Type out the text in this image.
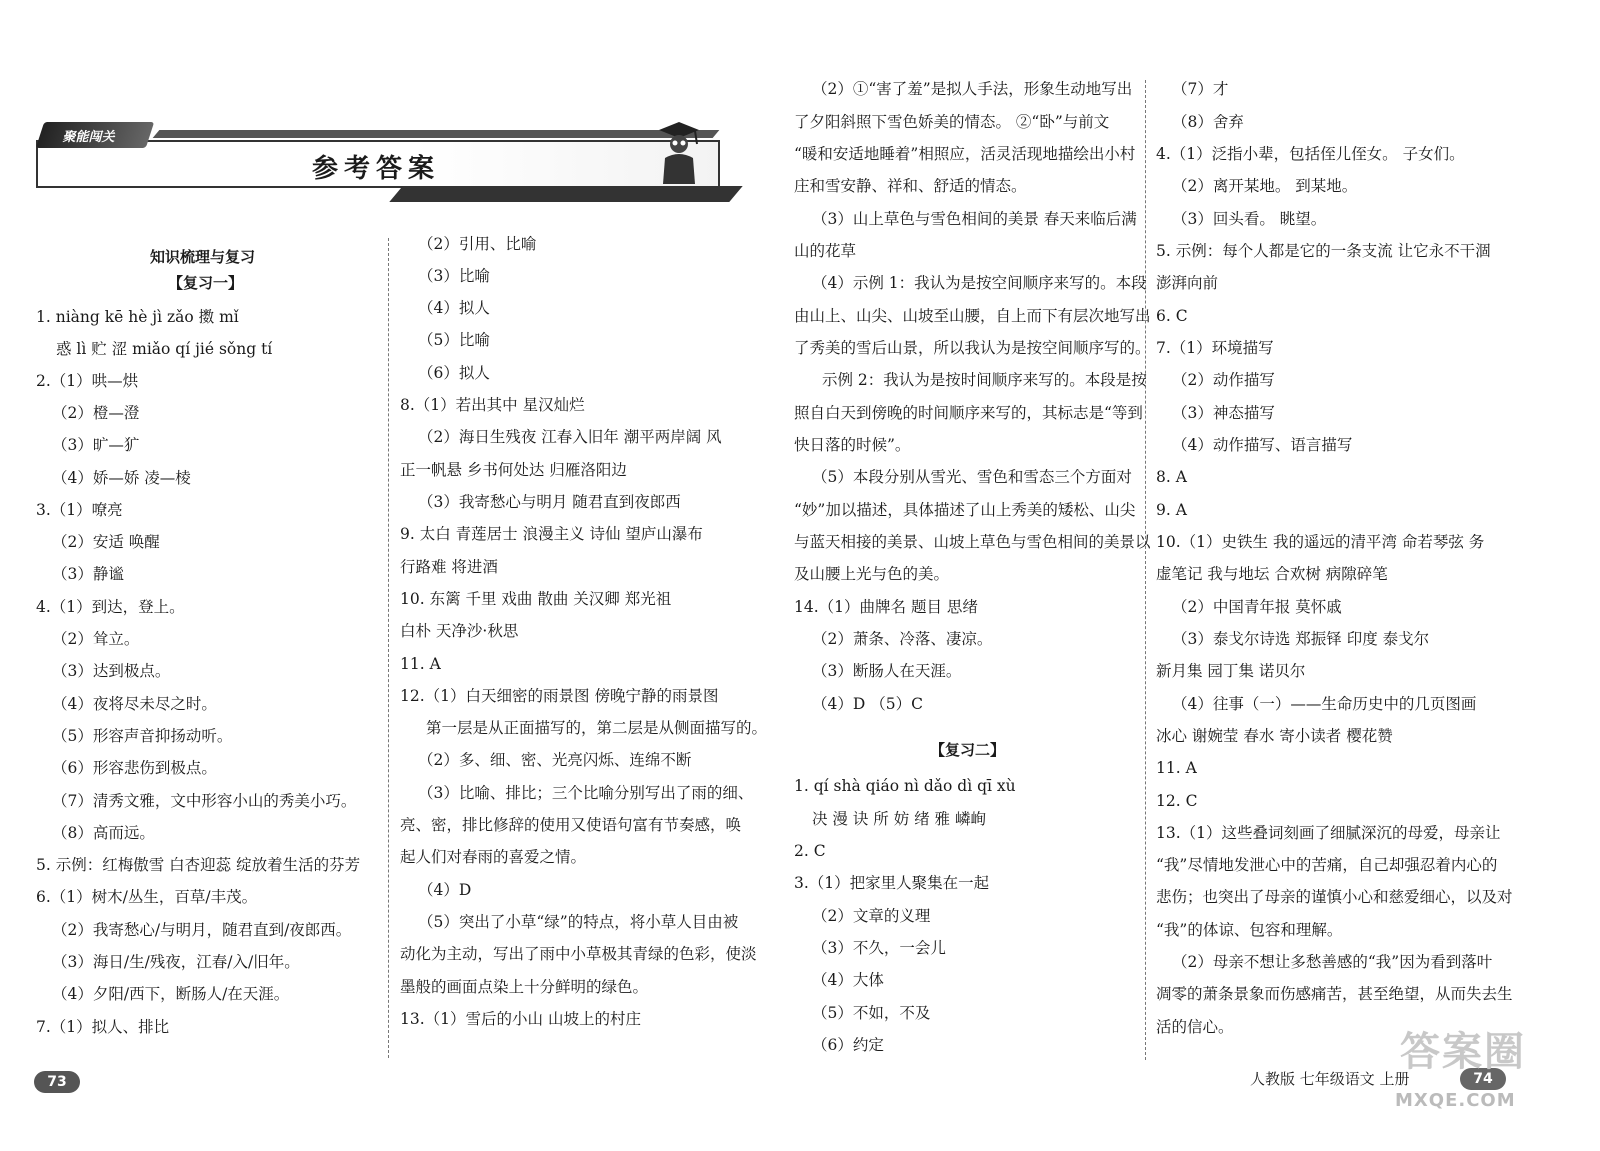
聚能闯关
参考答案
知识梳理与复习
【复习一】
1. niàng kē hè jì zǎo 擞 mǐ
惑 lì 贮 涩 miǎo qí jié sǒng tí
2.（1）哄—烘
（2）橙—澄
（3）旷—犷
（4）娇—娇 凌—棱
3.（1）嘹亮
（2）安适 唤醒
（3）静谧
4.（1）到达，登上。
（2）耸立。
（3）达到极点。
（4）夜将尽未尽之时。
（5）形容声音抑扬动听。
（6）形容悲伤到极点。
（7）清秀文雅，文中形容小山的秀美小巧。
（8）高而远。
5. 示例：红梅傲雪 白杏迎蕊 绽放着生活的芬芳
6.（1）树木/丛生，百草/丰茂。
（2）我寄愁心/与明月，随君直到/夜郎西。
（3）海日/生/残夜，江春/入/旧年。
（4）夕阳/西下，断肠人/在天涯。
7.（1）拟人、排比
（2）引用、比喻
（3）比喻
（4）拟人
（5）比喻
（6）拟人
8.（1）若出其中 星汉灿烂
（2）海日生残夜 江春入旧年 潮平两岸阔 风
正一帆悬 乡书何处达 归雁洛阳边
（3）我寄愁心与明月 随君直到夜郎西
9. 太白 青莲居士 浪漫主义 诗仙 望庐山瀑布
行路难 将进酒
10. 东篱 千里 戏曲 散曲 关汉卿 郑光祖
白朴 天净沙·秋思
11. A
12.（1）白天细密的雨景图 傍晚宁静的雨景图
第一层是从正面描写的，第二层是从侧面描写的。
（2）多、细、密、光亮闪烁、连绵不断
（3）比喻、排比；三个比喻分别写出了雨的细、
亮、密，排比修辞的使用又使语句富有节奏感，唤
起人们对春雨的喜爱之情。
（4）D
（5）突出了小草“绿”的特点，将小草人目由被
动化为主动，写出了雨中小草极其青绿的色彩，使淡
墨般的画面点染上十分鲜明的绿色。
13.（1）雪后的小山 山坡上的村庄
（2）①“害了羞”是拟人手法，形象生动地写出
了夕阳斜照下雪色娇美的情态。 ②“卧”与前文
“暖和安适地睡着”相照应，活灵活现地描绘出小村
庄和雪安静、祥和、舒适的情态。
（3）山上草色与雪色相间的美景 春天来临后满
山的花草
（4）示例 1：我认为是按空间顺序来写的。本段
由山上、山尖、山坡至山腰，自上而下有层次地写出
了秀美的雪后山景，所以我认为是按空间顺序写的。
示例 2：我认为是按时间顺序来写的。本段是按
照自白天到傍晚的时间顺序来写的，其标志是“等到
快日落的时候”。
（5）本段分别从雪光、雪色和雪态三个方面对
“妙”加以描述，具体描述了山上秀美的矮松、山尖
与蓝天相接的美景、山坡上草色与雪色相间的美景以
及山腰上光与色的美。
14.（1）曲牌名 题目 思绪
（2）萧条、冷落、凄凉。
（3）断肠人在天涯。
（4）D （5）C
【复习二】
1. qí shà qiáo nì dǎo dì qī xù
决 漫 诀 所 妨 绪 雅 嶙峋
2. C
3.（1）把家里人聚集在一起
（2）文章的义理
（3）不久，一会儿
（4）大体
（5）不如，不及
（6）约定
（7）才
（8）舍弃
4.（1）泛指小辈，包括侄儿侄女。 子女们。
（2）离开某地。 到某地。
（3）回头看。 眺望。
5. 示例：每个人都是它的一条支流 让它永不干涸
澎湃向前
6. C
7.（1）环境描写
（2）动作描写
（3）神态描写
（4）动作描写、语言描写
8. A
9. A
10.（1）史铁生 我的遥远的清平湾 命若琴弦 务
虚笔记 我与地坛 合欢树 病隙碎笔
（2）中国青年报 莫怀戚
（3）泰戈尔诗选 郑振铎 印度 泰戈尔
新月集 园丁集 诺贝尔
（4）往事（一）——生命历史中的几页图画
冰心 谢婉莹 春水 寄小读者 樱花赞
11. A
12. C
13.（1）这些叠词刻画了细腻深沉的母爱，母亲让
“我”尽情地发泄心中的苦痛，自己却强忍着内心的
悲伤；也突出了母亲的谨慎小心和慈爱细心，以及对
“我”的体谅、包容和理解。
（2）母亲不想让多愁善感的“我”因为看到落叶
凋零的萧条景象而伤感痛苦，甚至绝望，从而失去生
活的信心。
73	人教版 七年级语文 上册	74
答案圈
MXQE.COM
